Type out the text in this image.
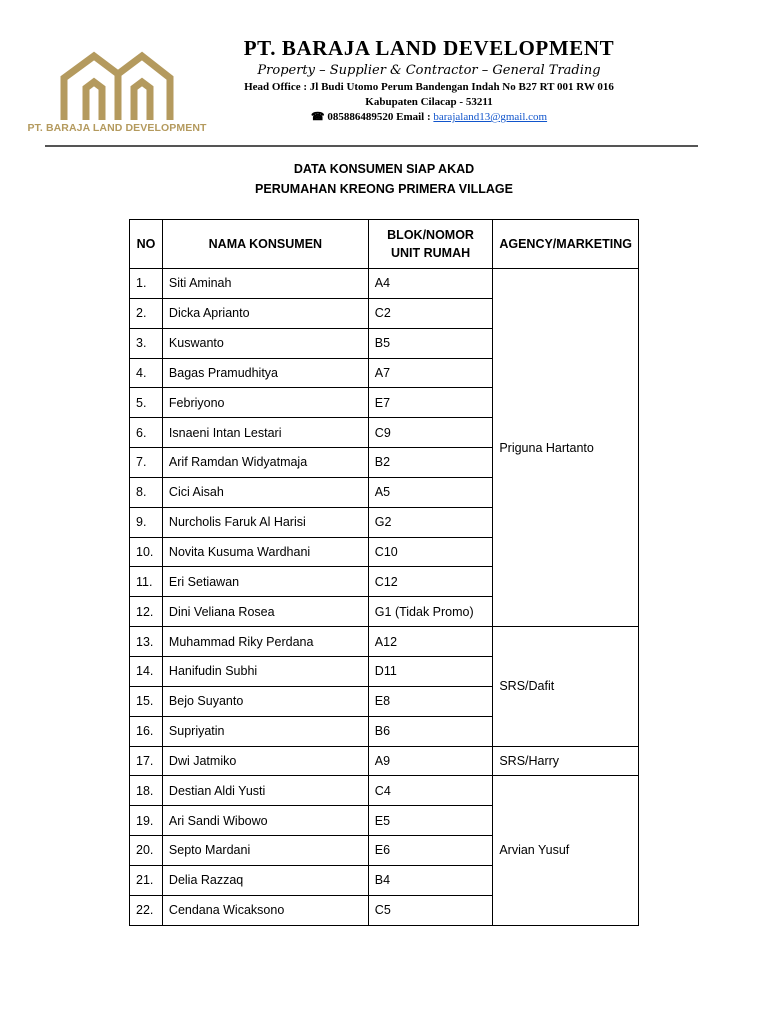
PT. BARAJA LAND DEVELOPMENT
PT. BARAJA LAND DEVELOPMENT
Property – Supplier & Contractor – General Trading
Head Office : Jl Budi Utomo Perum Bandengan Indah No B27 RT 001 RW 016
Kabupaten Cilacap - 53211
☎ 085886489520 Email : barajaland13@gmail.com
DATA KONSUMEN SIAP AKAD
PERUMAHAN KREONG PRIMERA VILLAGE
NO	NAMA KONSUMEN	BLOK/NOMOR UNIT RUMAH	AGENCY/MARKETING
1.	Siti Aminah	A4	Priguna Hartanto
2.	Dicka Aprianto	C2	
3.	Kuswanto	B5	
4.	Bagas Pramudhitya	A7	
5.	Febriyono	E7	
6.	Isnaeni Intan Lestari	C9	
7.	Arif Ramdan Widyatmaja	B2	
8.	Cici Aisah	A5	
9.	Nurcholis Faruk Al Harisi	G2	
10.	Novita Kusuma Wardhani	C10	
11.	Eri Setiawan	C12	
12.	Dini Veliana Rosea	G1 (Tidak Promo)	
13.	Muhammad Riky Perdana	A12	SRS/Dafit
14.	Hanifudin Subhi	D11	
15.	Bejo Suyanto	E8	
16.	Supriyatin	B6	
17.	Dwi Jatmiko	A9	SRS/Harry
18.	Destian Aldi Yusti	C4	Arvian Yusuf
19.	Ari Sandi Wibowo	E5	
20.	Septo Mardani	E6	
21.	Delia Razzaq	B4	
22.	Cendana Wicaksono	C5	
